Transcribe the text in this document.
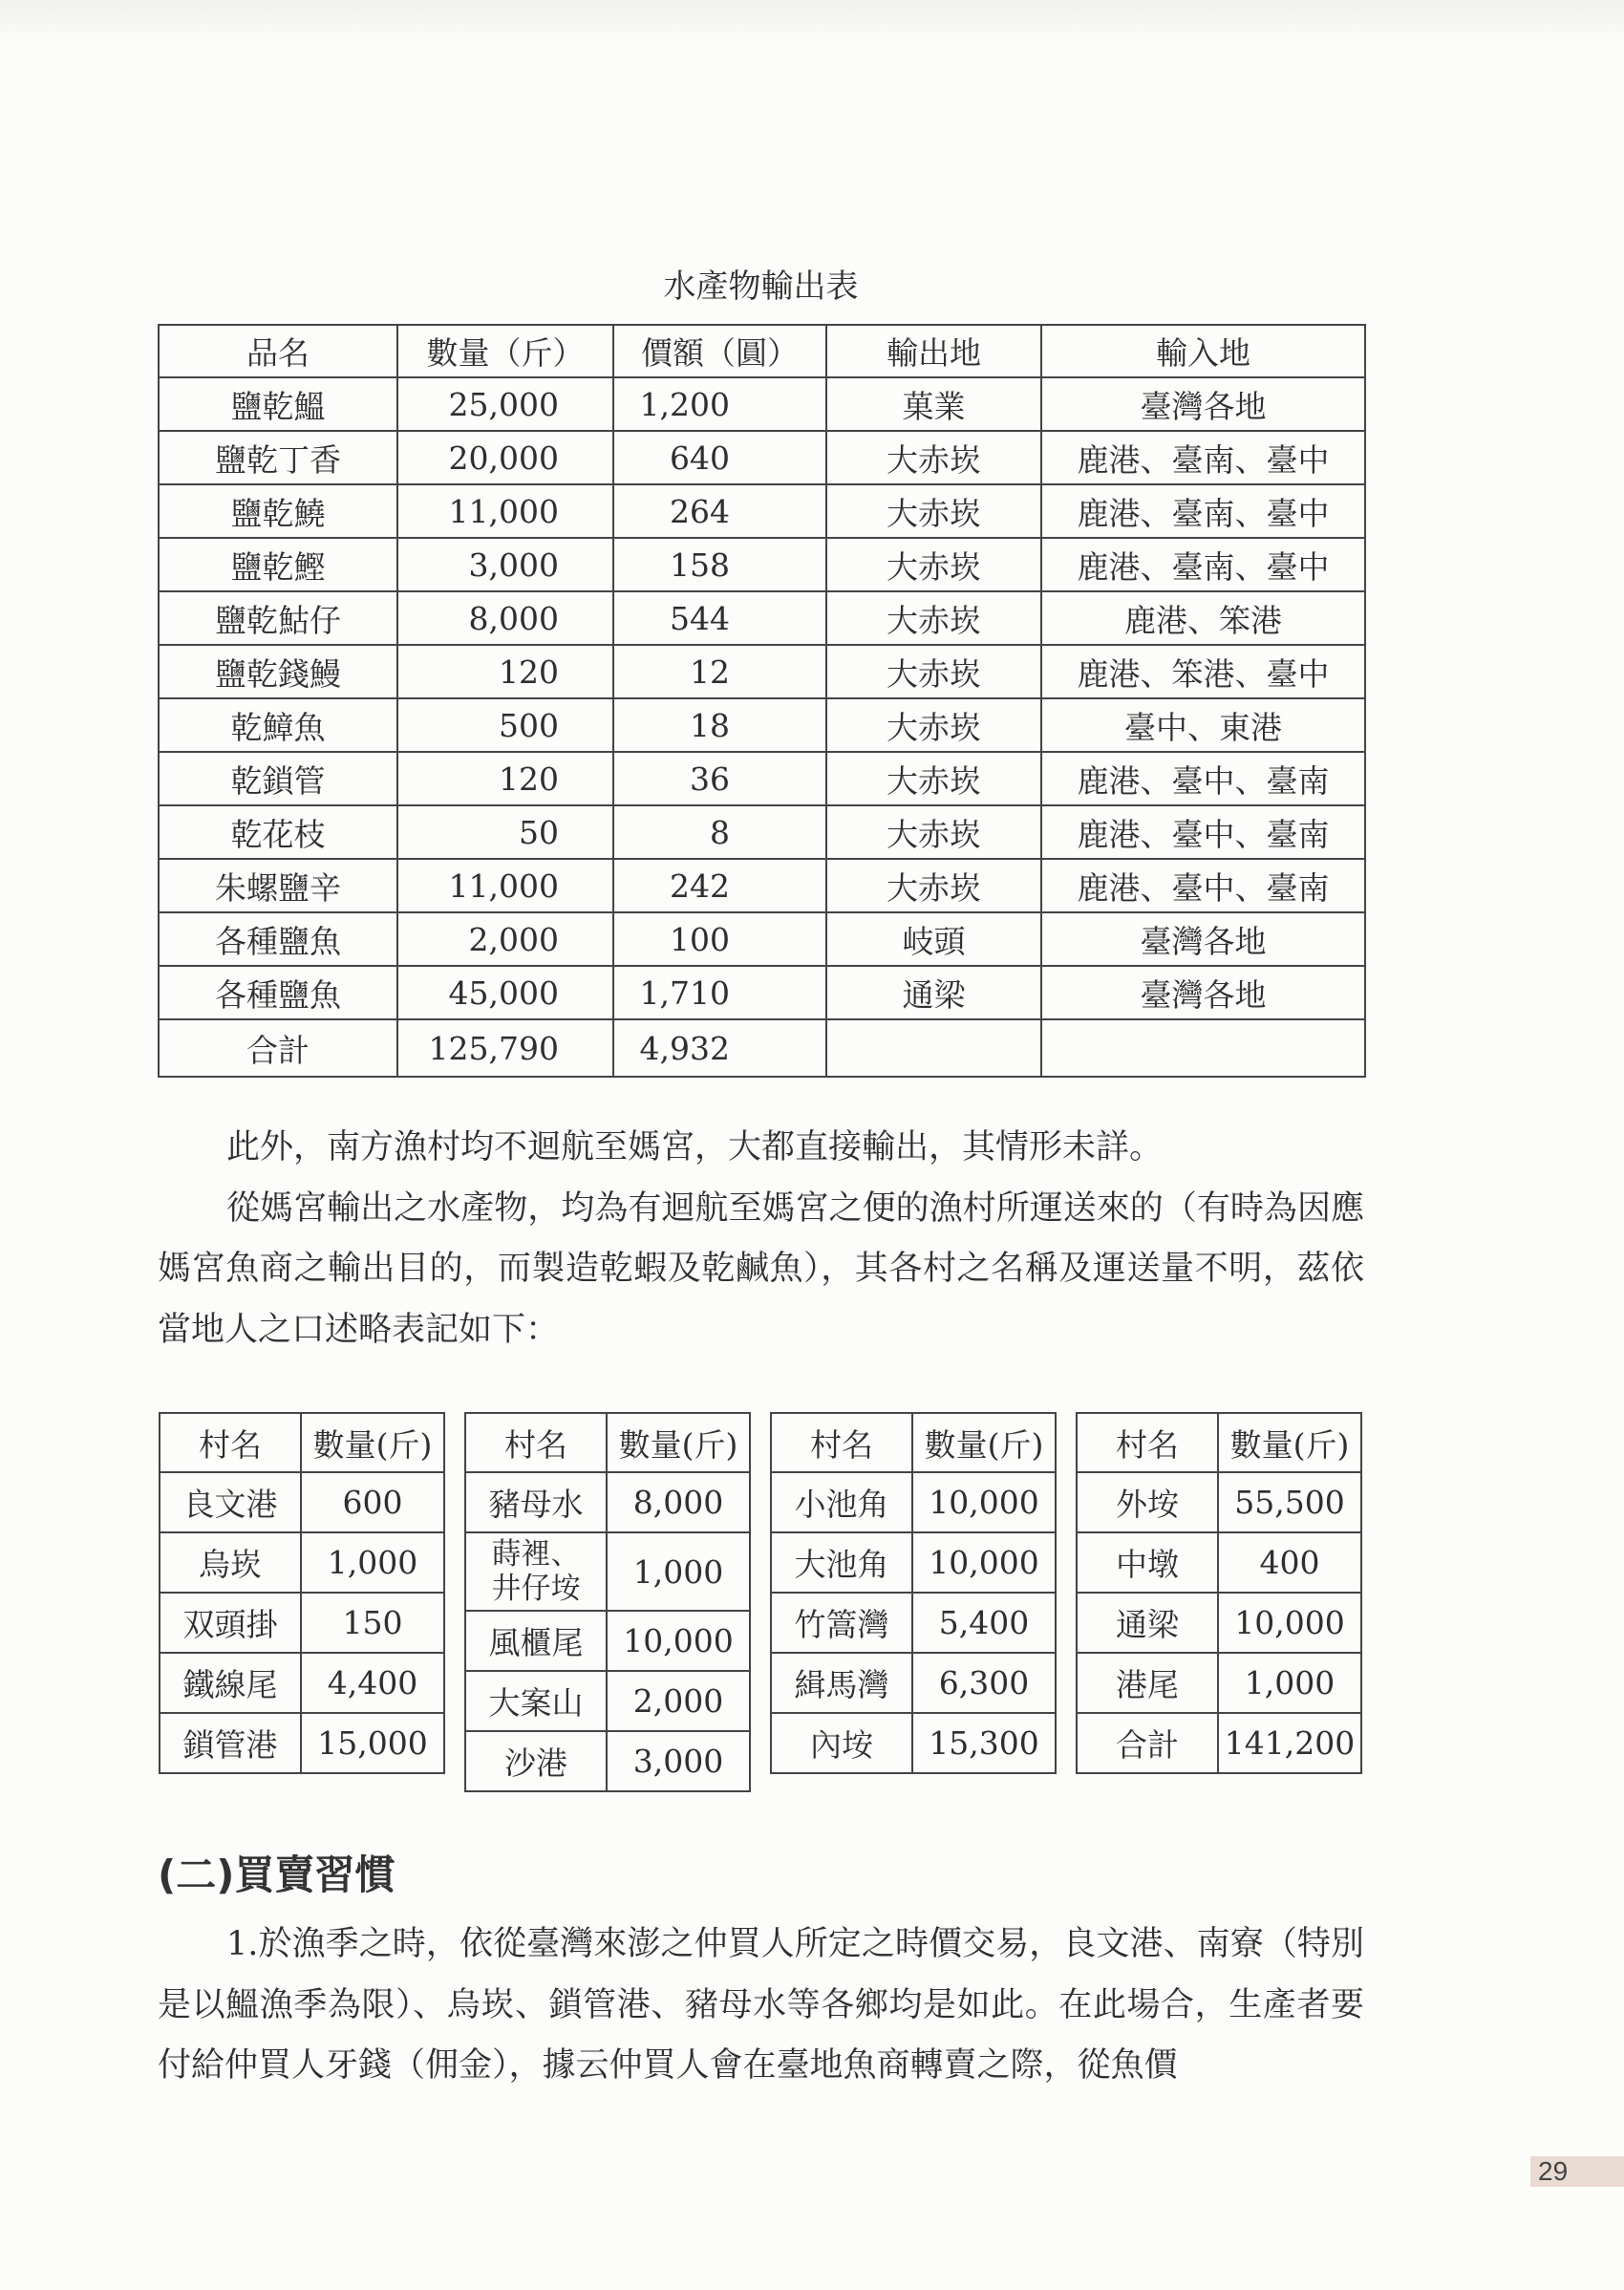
水產物輸出表
品名	數量（斤）	價額（圓）	輸出地	輸入地
鹽乾鰮	25,000	1,200	菓業	臺灣各地
鹽乾丁香	20,000	640	大赤崁	鹿港、臺南、臺中
鹽乾鱙	11,000	264	大赤崁	鹿港、臺南、臺中
鹽乾鰹	3,000	158	大赤崁	鹿港、臺南、臺中
鹽乾鮕仔	8,000	544	大赤崁	鹿港、笨港
鹽乾錢鰻	120	12	大赤崁	鹿港、笨港、臺中
乾鱆魚	500	18	大赤崁	臺中、東港
乾鎖管	120	36	大赤崁	鹿港、臺中、臺南
乾花枝	50	8	大赤崁	鹿港、臺中、臺南
朱螺鹽辛	11,000	242	大赤崁	鹿港、臺中、臺南
各種鹽魚	2,000	100	岐頭	臺灣各地
各種鹽魚	45,000	1,710	通梁	臺灣各地
合計	125,790	4,932		

此外，南方漁村均不迴航至媽宮，大都直接輸出，其情形未詳。

從媽宮輸出之水產物，均為有迴航至媽宮之便的漁村所運送來的（有時為因應媽宮魚商之輸出目的，而製造乾蝦及乾鹹魚），其各村之名稱及運送量不明，茲依當地人之口述略表記如下：

村名	數量(斤)
良文港	600
烏崁	1,000
双頭掛	150
鐵線尾	4,400
鎖管港	15,000
村名	數量(斤)
豬母水	8,000
蒔裡、井仔垵	1,000
風櫃尾	10,000
大案山	2,000
沙港	3,000
村名	數量(斤)
小池角	10,000
大池角	10,000
竹篙灣	5,400
緝馬灣	6,300
內垵	15,300
村名	數量(斤)
外垵	55,500
中墩	400
通梁	10,000
港尾	1,000
合計	141,200
(二)買賣習慣

1.於漁季之時，依從臺灣來澎之仲買人所定之時價交易，良文港、南寮（特別是以鰮漁季為限）、烏崁、鎖管港、豬母水等各鄉均是如此。在此場合，生產者要付給仲買人牙錢（佣金），據云仲買人會在臺地魚商轉賣之際，從魚價

29
